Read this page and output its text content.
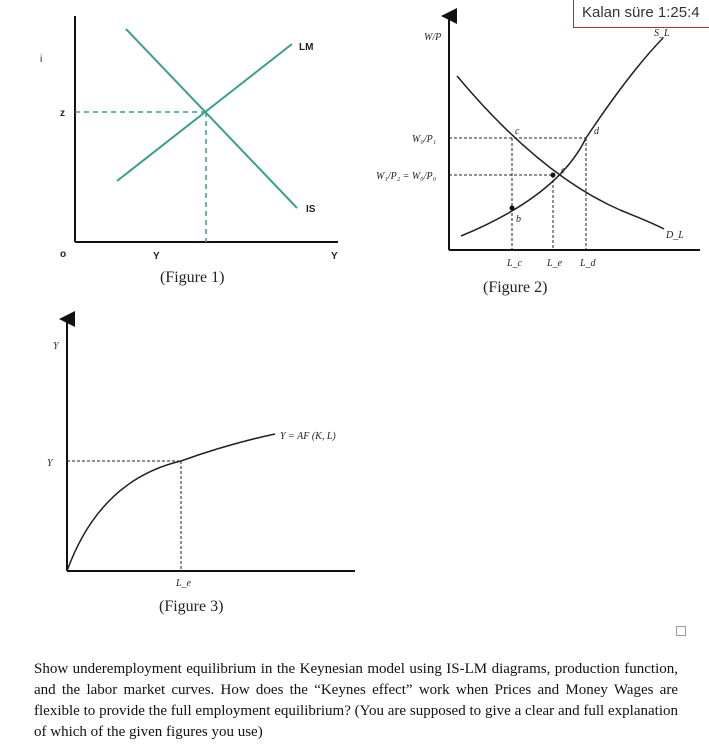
Kalan süre 1:25:4
i
z
o	Y	Y
LM
IS
(Figure 1)
W/P
W₀/P₁
W₁/P₂ = W₀/P₀
S_L
D_L
c	d
e
b
L_c	L_e L_d
(Figure 2)
Y
Y
Y = AF (K, L)
L_e
(Figure 3)

Show underemployment equilibrium in the Keynesian model using IS-LM diagrams, production function, and the labor market curves. How does the “Keynes effect” work when Prices and Money Wages are flexible to provide the full employment equilibrium? (You are supposed to give a clear and full explanation of which of the given figures you use)
